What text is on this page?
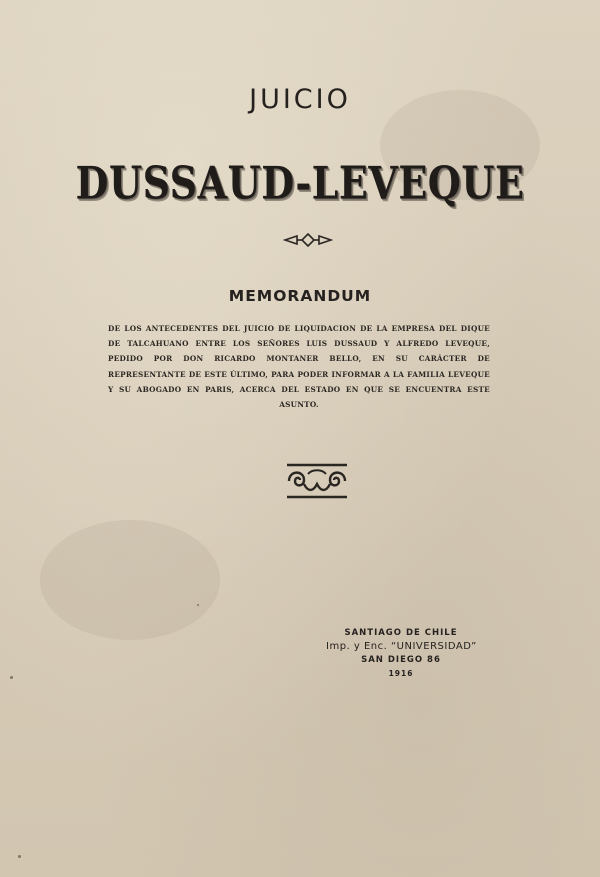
JUICIO
DUSSAUD-LEVEQUE
MEMORANDUM

DE LOS ANTECEDENTES DEL JUICIO DE LIQUIDACION DE LA EMPRESA DEL DIQUE DE TALCAHUANO ENTRE LOS SEÑORES LUIS DUSSAUD Y ALFREDO LEVEQUE, PEDIDO POR DON RICARDO MONTANER BELLO, EN SU CARÁCTER DE REPRESENTANTE DE ESTE ÚLTIMO, PARA PODER INFORMAR A LA FAMILIA LEVEQUE Y SU ABOGADO EN PARIS, ACERCA DEL ESTADO EN QUE SE ENCUENTRA ESTE ASUNTO.

SANTIAGO DE CHILE
Imp. y Enc. “UNIVERSIDAD”
SAN DIEGO 86
1916
